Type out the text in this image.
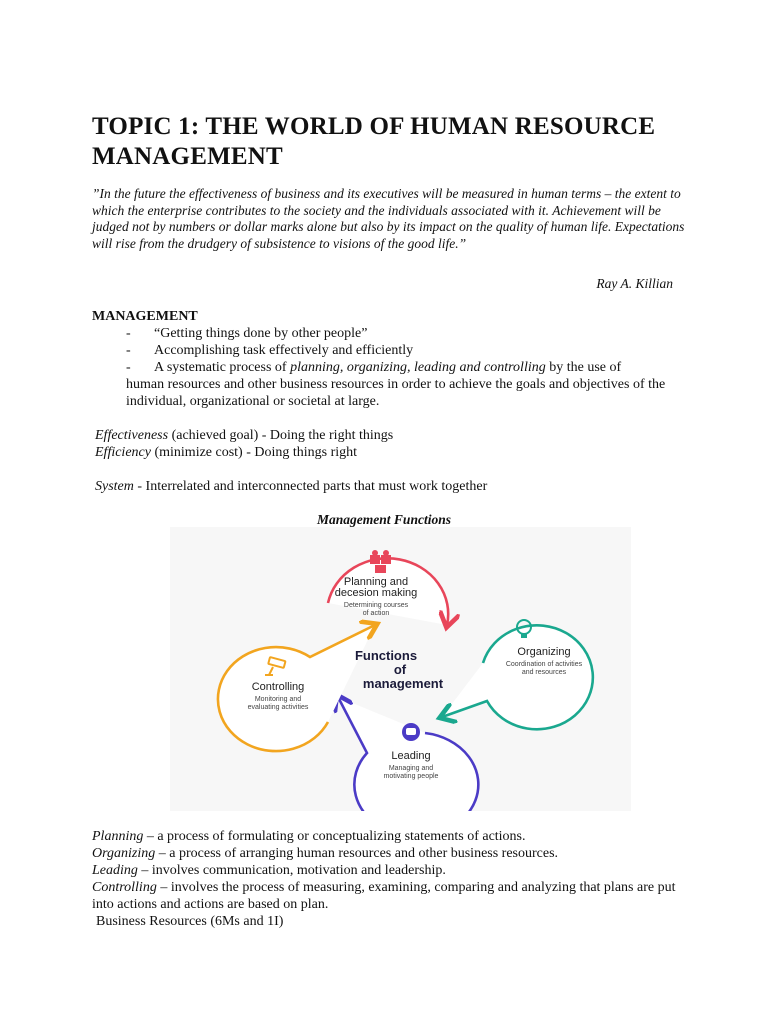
TOPIC 1: THE WORLD OF HUMAN RESOURCE MANAGEMENT

”In the future the effectiveness of business and its executives will be measured in human terms – the extent to which the enterprise contributes to the society and the individuals associated with it. Achievement will be judged not by numbers or dollar marks alone but also by its impact on the quality of human life. Expectations will rise from the drudgery of subsistence to visions of the good life.”

Ray A. Killian

MANAGEMENT

-	“Getting things done by other people”
-	Accomplishing task effectively and efficiently
-	A systematic process of planning, organizing, leading and controlling by the use of
human resources and other business resources in order to achieve the goals and objectives of the individual, organizational or societal at large.

Effectiveness (achieved goal) - Doing the right things

Efficiency (minimize cost) - Doing things right

System - Interrelated and interconnected parts that must work together

Management Functions
Planning and
decesion making
Determining courses
of action
Organizing
Coordination of activities
and resources
Leading
Managing and
motivating people
Controlling
Monitoring and
evaluating activities
Functions
of
management

Planning – a process of formulating or conceptualizing statements of actions.

Organizing – a process of arranging human resources and other business resources.

Leading – involves communication, motivation and leadership.

Controlling – involves the process of measuring, examining, comparing and analyzing that plans are put into actions and actions are based on plan.

Business Resources (6Ms and 1I)
